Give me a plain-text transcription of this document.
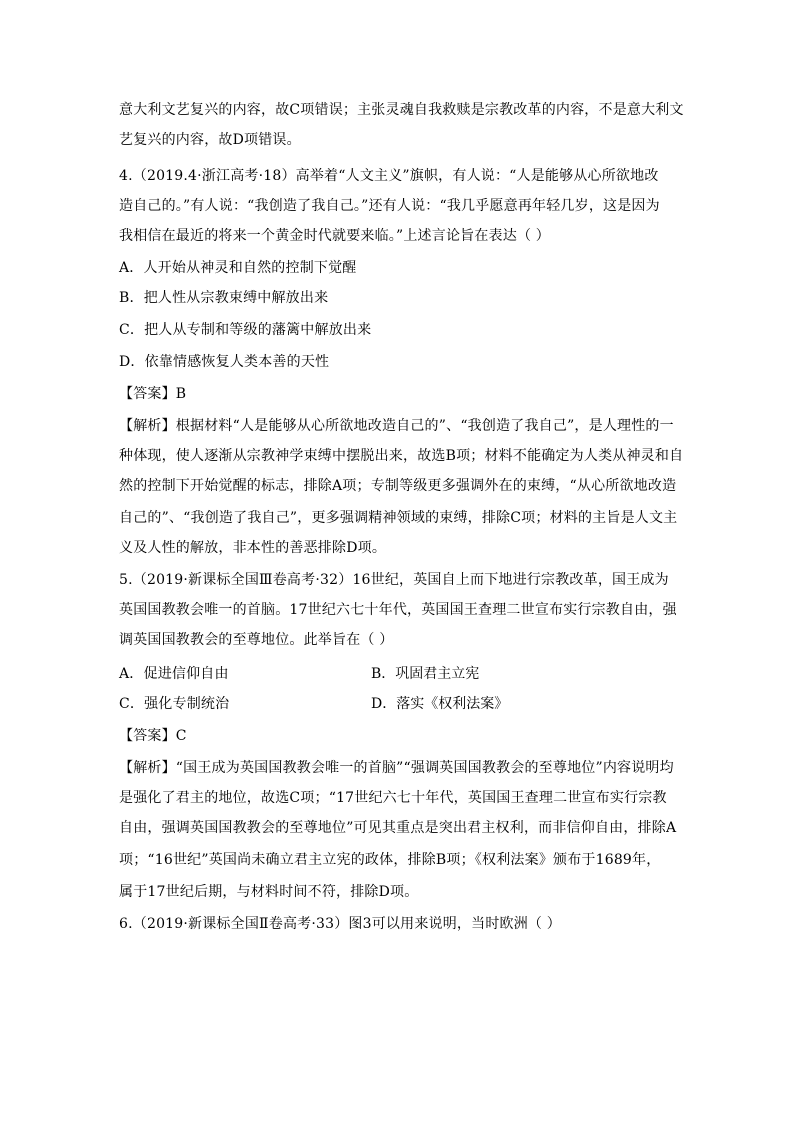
意大利文艺复兴的内容，故C项错误；主张灵魂自我救赎是宗教改革的内容，不是意大利文
艺复兴的内容，故D项错误。
4.（2019.4·浙江高考·18）高举着“人文主义”旗帜，有人说：“人是能够从心所欲地改
造自己的。”有人说：“我创造了我自己。”还有人说：“我几乎愿意再年轻几岁，这是因为
我相信在最近的将来一个黄金时代就要来临。”上述言论旨在表达（ ）
A．人开始从神灵和自然的控制下觉醒
B．把人性从宗教束缚中解放出来
C．把人从专制和等级的藩篱中解放出来
D．依靠情感恢复人类本善的天性
【答案】B
【解析】根据材料“人是能够从心所欲地改造自己的”、“我创造了我自己”，是人理性的一
种体现，使人逐渐从宗教神学束缚中摆脱出来，故选B项；材料不能确定为人类从神灵和自
然的控制下开始觉醒的标志，排除A项；专制等级更多强调外在的束缚，“从心所欲地改造
自己的”、“我创造了我自己”，更多强调精神领域的束缚，排除C项；材料的主旨是人文主
义及人性的解放，非本性的善恶排除D项。
5.（2019·新课标全国Ⅲ卷高考·32）16世纪，英国自上而下地进行宗教改革，国王成为
英国国教教会唯一的首脑。17世纪六七十年代，英国国王查理二世宣布实行宗教自由，强
调英国国教教会的至尊地位。此举旨在（ ）
A．促进信仰自由	B．巩固君主立宪
C．强化专制统治	D．落实《权利法案》
【答案】C
【解析】“国王成为英国国教教会唯一的首脑”“强调英国国教教会的至尊地位”内容说明均
是强化了君主的地位，故选C项；“17世纪六七十年代，英国国王查理二世宣布实行宗教
自由，强调英国国教教会的至尊地位”可见其重点是突出君主权利，而非信仰自由，排除A
项；“16世纪”英国尚未确立君主立宪的政体，排除B项；《权利法案》颁布于1689年，
属于17世纪后期，与材料时间不符，排除D项。
6.（2019·新课标全国Ⅱ卷高考·33）图3可以用来说明，当时欧洲（ ）
